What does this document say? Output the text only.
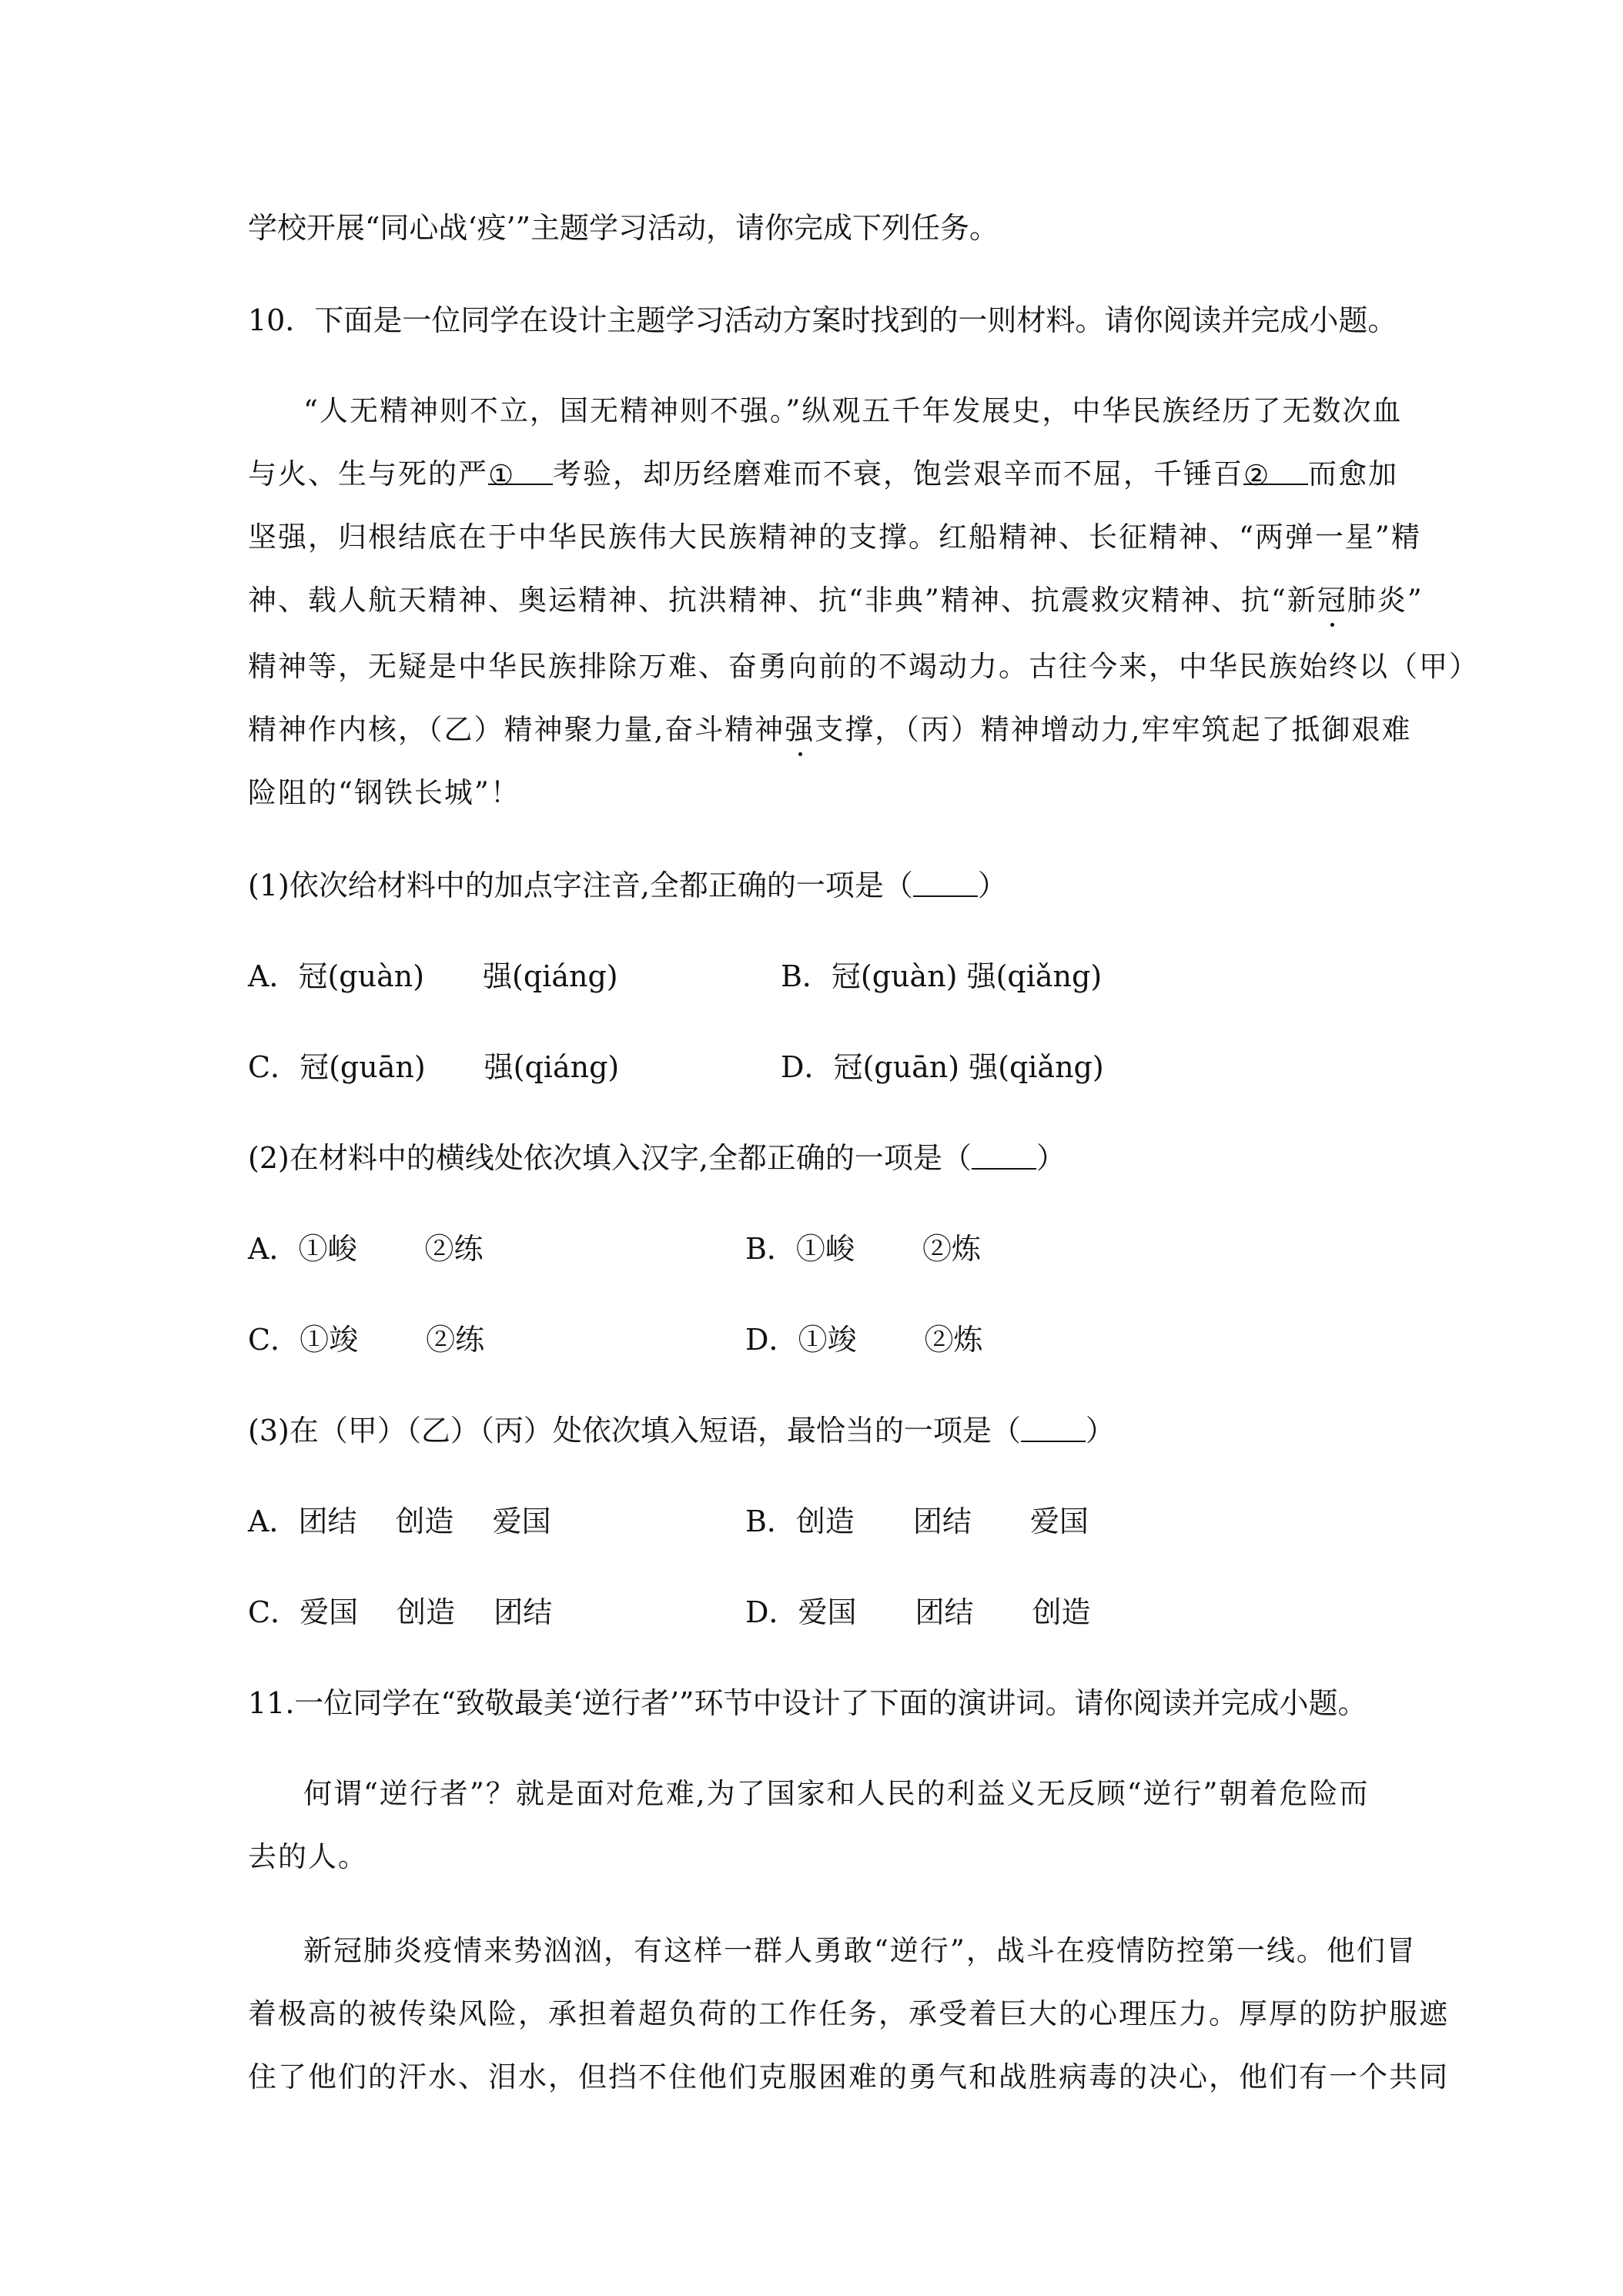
学校开展“同心战‘疫’”主题学习活动，请你完成下列任务。
10．下面是一位同学在设计主题学习活动方案时找到的一则材料。请你阅读并完成小题。
“人无精神则不立，国无精神则不强。”纵观五千年发展史，中华民族经历了无数次血
与火、生与死的严① 考验，却历经磨难而不衰，饱尝艰辛而不屈，千锤百② 而愈加
坚强，归根结底在于中华民族伟大民族精神的支撑。红船精神、长征精神、“两弹一星”精
神、载人航天精神、奥运精神、抗洪精神、抗“非典”精神、抗震救灾精神、抗“新冠肺炎”
精神等，无疑是中华民族排除万难、奋勇向前的不竭动力。古往今来，中华民族始终以（甲）
精神作内核，（乙）精神聚力量,奋斗精神强支撑，（丙）精神增动力,牢牢筑起了抵御艰难
险阻的“钢铁长城”！
(1)依次给材料中的加点字注音,全都正确的一项是（ ）
A．冠(guàn)　　强(qiáng)	B．冠(guàn) 强(qiǎng)
C．冠(guān)　　强(qiáng)	D．冠(guān) 强(qiǎng)
(2)在材料中的横线处依次填入汉字,全都正确的一项是（ ）
A．①峻　　 ②练	B．①峻　　 ②炼
C．①竣　　 ②练	D．①竣　　 ②炼
(3)在（甲）（乙）（丙）处依次填入短语，最恰当的一项是（ ）
A．团结　 创造　 爱国	B．创造　　团结　　爱国
C．爱国　 创造　 团结	D．爱国　　团结　　创造
11.一位同学在“致敬最美‘逆行者’”环节中设计了下面的演讲词。请你阅读并完成小题。
何谓“逆行者”？就是面对危难,为了国家和人民的利益义无反顾“逆行”朝着危险而
去的人。
新冠肺炎疫情来势汹汹，有这样一群人勇敢“逆行”，战斗在疫情防控第一线。他们冒
着极高的被传染风险，承担着超负荷的工作任务，承受着巨大的心理压力。厚厚的防护服遮
住了他们的汗水、泪水，但挡不住他们克服困难的勇气和战胜病毒的决心，他们有一个共同
